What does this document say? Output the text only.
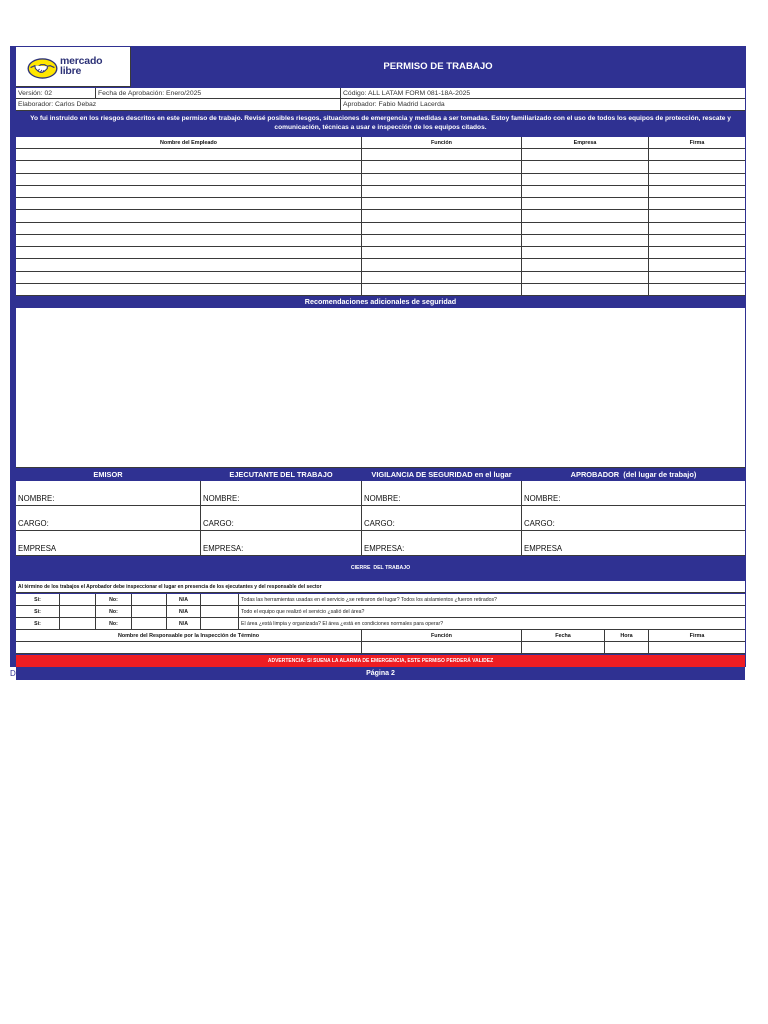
mercado
libre	PERMISO DE TRABAJO
Versión: 02	Fecha de Aprobación: Enero/2025	Código: ALL LATAM FORM 081-18A-2025
Elaborador: Carlos Debaz	Aprobador: Fabio Madrid Lacerda
Yo fui instruido en los riesgos descritos en este permiso de trabajo. Revisé posibles riesgos, situaciones de emergencia y medidas a ser tomadas. Estoy familiarizado con el uso de todos los equipos de protección, rescate y comunicación, técnicas a usar e inspección de los equipos citados.
Nombre del Empleado	Función	Empresa	Firma
Recomendaciones adicionales de seguridad
EMISOR	EJECUTANTE DEL TRABAJO	VIGILANCIA DE SEGURIDAD en el lugar	APROBADOR  (del lugar de trabajo)
NOMBRE:	NOMBRE:	NOMBRE:	NOMBRE:
CARGO:	CARGO:	CARGO:	CARGO:
EMPRESA	EMPRESA:	EMPRESA:	EMPRESA
CIERRE  DEL TRABAJO
Al término de los trabajos el Aprobador debe inspeccionar el lugar en presencia de los ejecutantes y del responsable del sector
Si:	No:	N/A	Todas las herramientas usadas en el servicio ¿se retiraron del lugar? Todos los aislamientos ¿fueron retirados?
Si:	No:	N/A	Todo el equipo que realizó el servicio ¿salió del área?
Si:	No:	N/A	El área ¿está limpia y organizada? El área ¿está en condiciones normales para operar?
Nombre del Responsable por la Inspección de Término	Función	Fecha	Hora	Firma
ADVERTENCIA: SI SUENA LA ALARMA DE EMERGENCIA, ESTE PERMISO PERDERÁ VALIDEZ
Página 2
D
